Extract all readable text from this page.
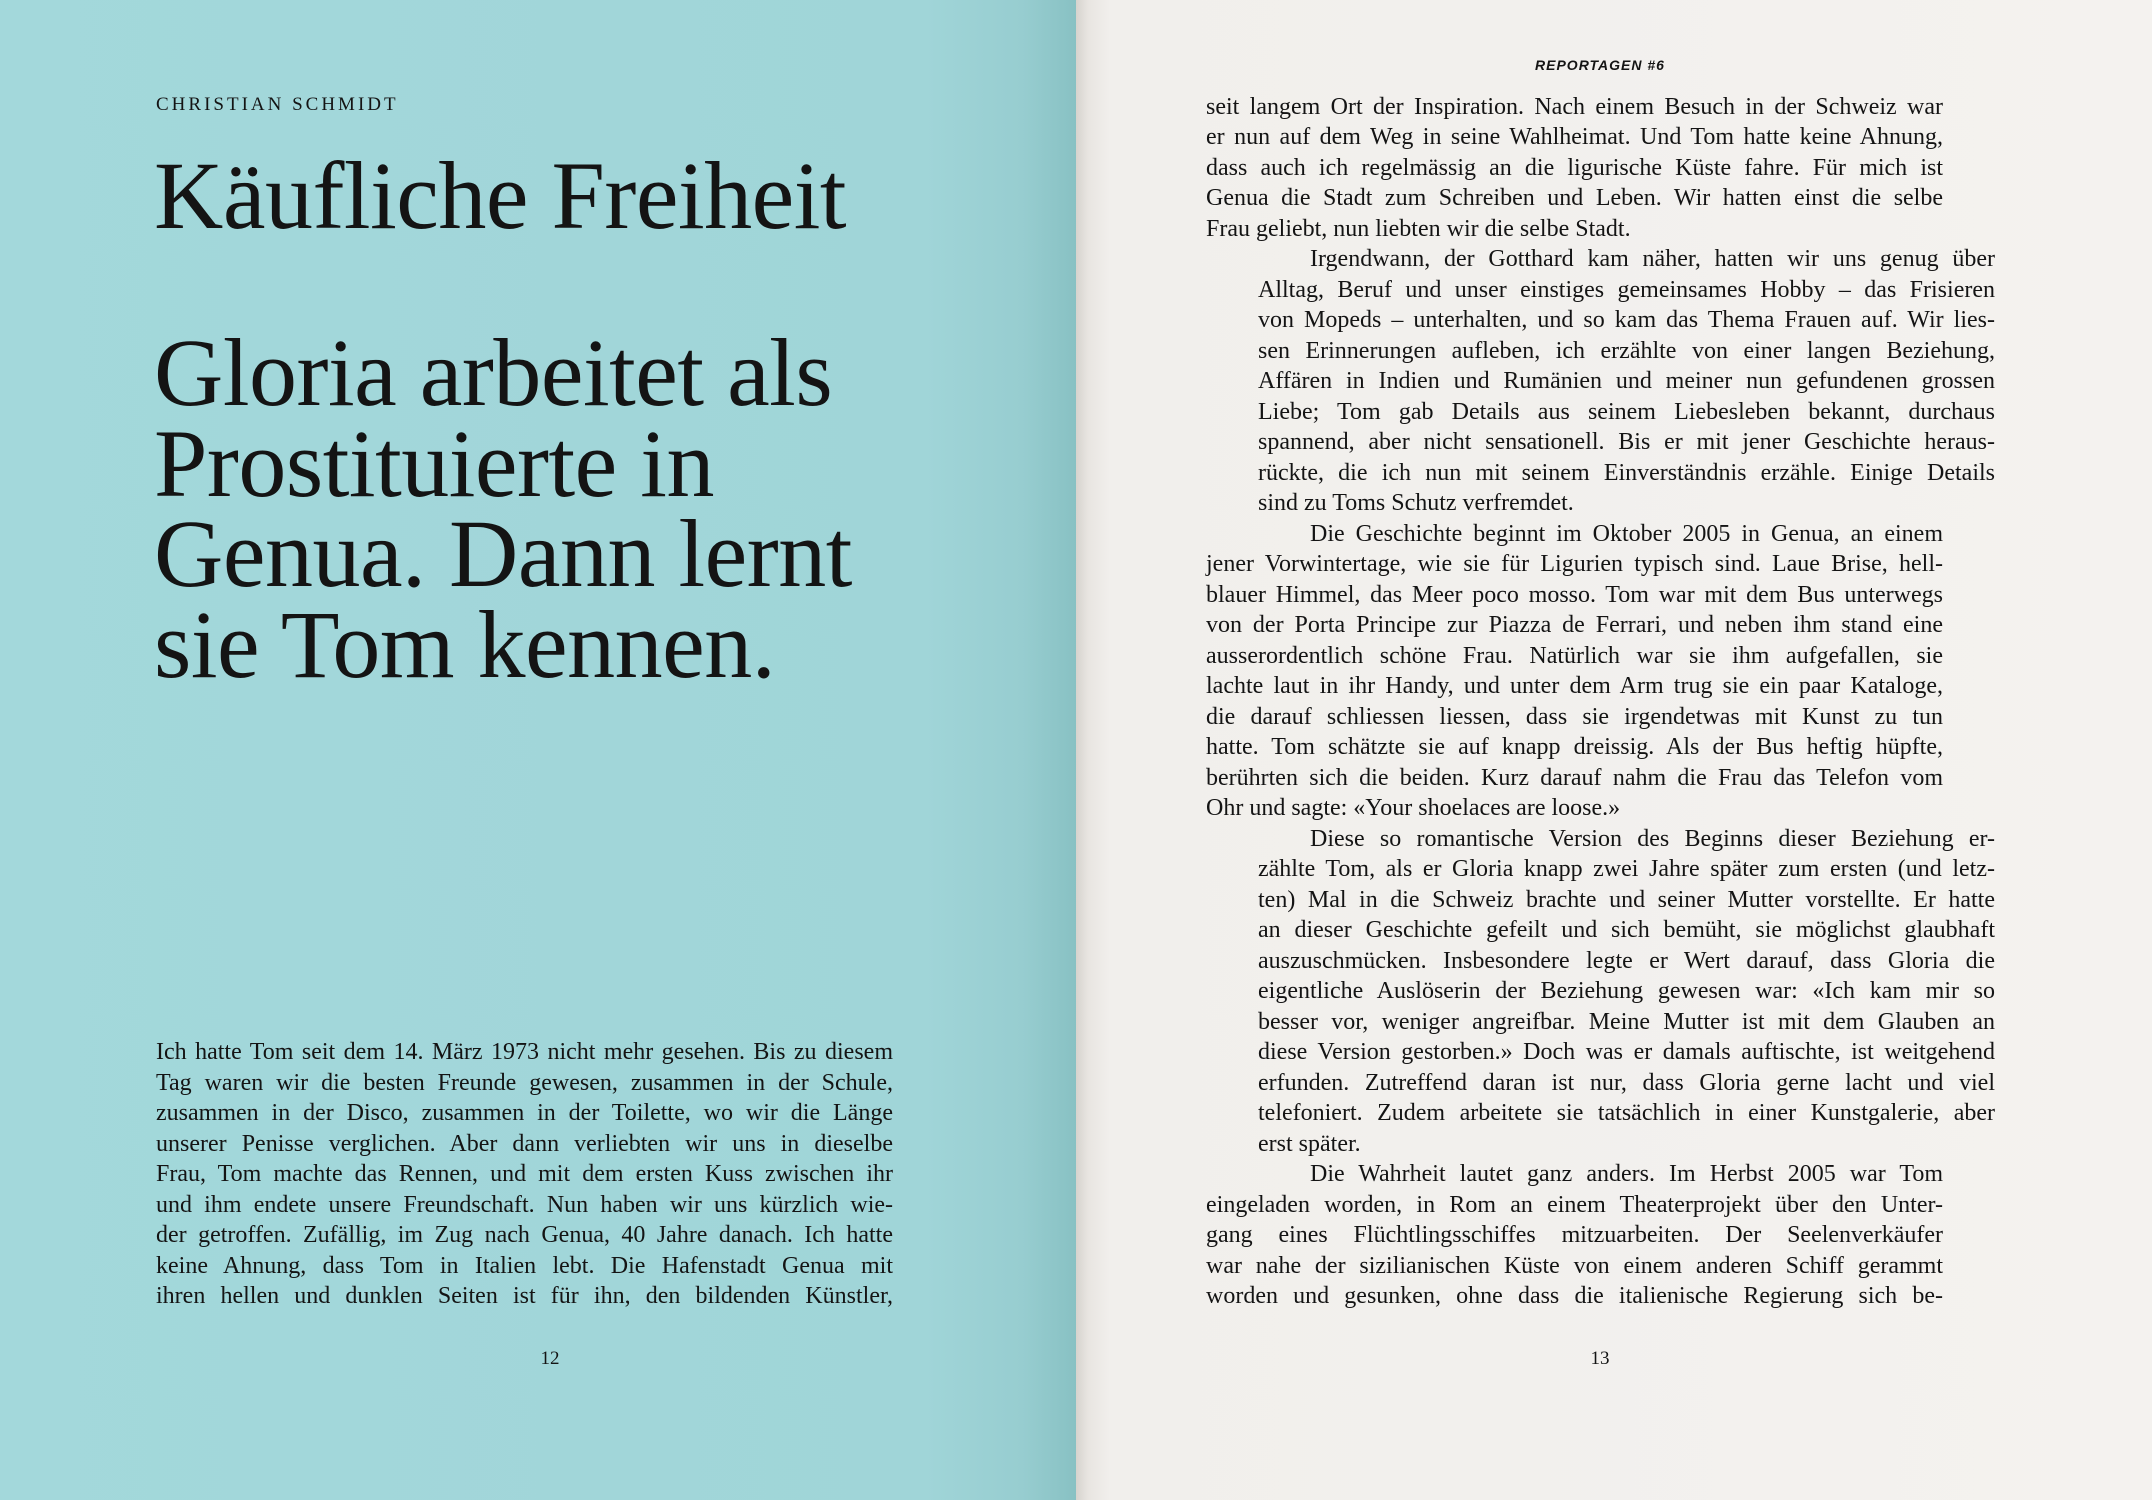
CHRISTIAN SCHMIDT
Käufliche Freiheit
Gloria arbeitet als
Prostituierte in
Genua. Dann lernt
sie Tom kennen.
Ich hatte Tom seit dem 14. März 1973 nicht mehr gesehen. Bis zu diesem
Tag waren wir die besten Freunde gewesen, zusammen in der Schule,
zusammen in der Disco, zusammen in der Toilette, wo wir die Länge
unserer Penisse verglichen. Aber dann verliebten wir uns in dieselbe
Frau, Tom machte das Rennen, und mit dem ersten Kuss zwischen ihr
und ihm endete unsere Freundschaft. Nun haben wir uns kürzlich wie-
der getroffen. Zufällig, im Zug nach Genua, 40 Jahre danach. Ich hatte
keine Ahnung, dass Tom in Italien lebt. Die Hafenstadt Genua mit
ihren hellen und dunklen Seiten ist für ihn, den bildenden Künstler,
12
REPORTAGEN #6
seit langem Ort der Inspiration. Nach einem Besuch in der Schweiz war
er nun auf dem Weg in seine Wahlheimat. Und Tom hatte keine Ahnung,
dass auch ich regelmässig an die ligurische Küste fahre. Für mich ist
Genua die Stadt zum Schreiben und Leben. Wir hatten einst die selbe
Frau geliebt, nun liebten wir die selbe Stadt.
Irgendwann, der Gotthard kam näher, hatten wir uns genug über
Alltag, Beruf und unser einstiges gemeinsames Hobby – das Frisieren
von Mopeds – unterhalten, und so kam das Thema Frauen auf. Wir lies-
sen Erinnerungen aufleben, ich erzählte von einer langen Beziehung,
Affären in Indien und Rumänien und meiner nun gefundenen grossen
Liebe; Tom gab Details aus seinem Liebesleben bekannt, durchaus
spannend, aber nicht sensationell. Bis er mit jener Geschichte heraus-
rückte, die ich nun mit seinem Einverständnis erzähle. Einige Details
sind zu Toms Schutz verfremdet.
Die Geschichte beginnt im Oktober 2005 in Genua, an einem
jener Vorwintertage, wie sie für Ligurien typisch sind. Laue Brise, hell-
blauer Himmel, das Meer poco mosso. Tom war mit dem Bus unterwegs
von der Porta Principe zur Piazza de Ferrari, und neben ihm stand eine
ausserordentlich schöne Frau. Natürlich war sie ihm aufgefallen, sie
lachte laut in ihr Handy, und unter dem Arm trug sie ein paar Kataloge,
die darauf schliessen liessen, dass sie irgendetwas mit Kunst zu tun
hatte. Tom schätzte sie auf knapp dreissig. Als der Bus heftig hüpfte,
berührten sich die beiden. Kurz darauf nahm die Frau das Telefon vom
Ohr und sagte: «Your shoelaces are loose.»
Diese so romantische Version des Beginns dieser Beziehung er-
zählte Tom, als er Gloria knapp zwei Jahre später zum ersten (und letz-
ten) Mal in die Schweiz brachte und seiner Mutter vorstellte. Er hatte
an dieser Geschichte gefeilt und sich bemüht, sie möglichst glaubhaft
auszuschmücken. Insbesondere legte er Wert darauf, dass Gloria die
eigentliche Auslöserin der Beziehung gewesen war: «Ich kam mir so
besser vor, weniger angreifbar. Meine Mutter ist mit dem Glauben an
diese Version gestorben.» Doch was er damals auftischte, ist weitgehend
erfunden. Zutreffend daran ist nur, dass Gloria gerne lacht und viel
telefoniert. Zudem arbeitete sie tatsächlich in einer Kunstgalerie, aber
erst später.
Die Wahrheit lautet ganz anders. Im Herbst 2005 war Tom
eingeladen worden, in Rom an einem Theaterprojekt über den Unter-
gang eines Flüchtlingsschiffes mitzuarbeiten. Der Seelenverkäufer
war nahe der sizilianischen Küste von einem anderen Schiff gerammt
worden und gesunken, ohne dass die italienische Regierung sich be-
13
